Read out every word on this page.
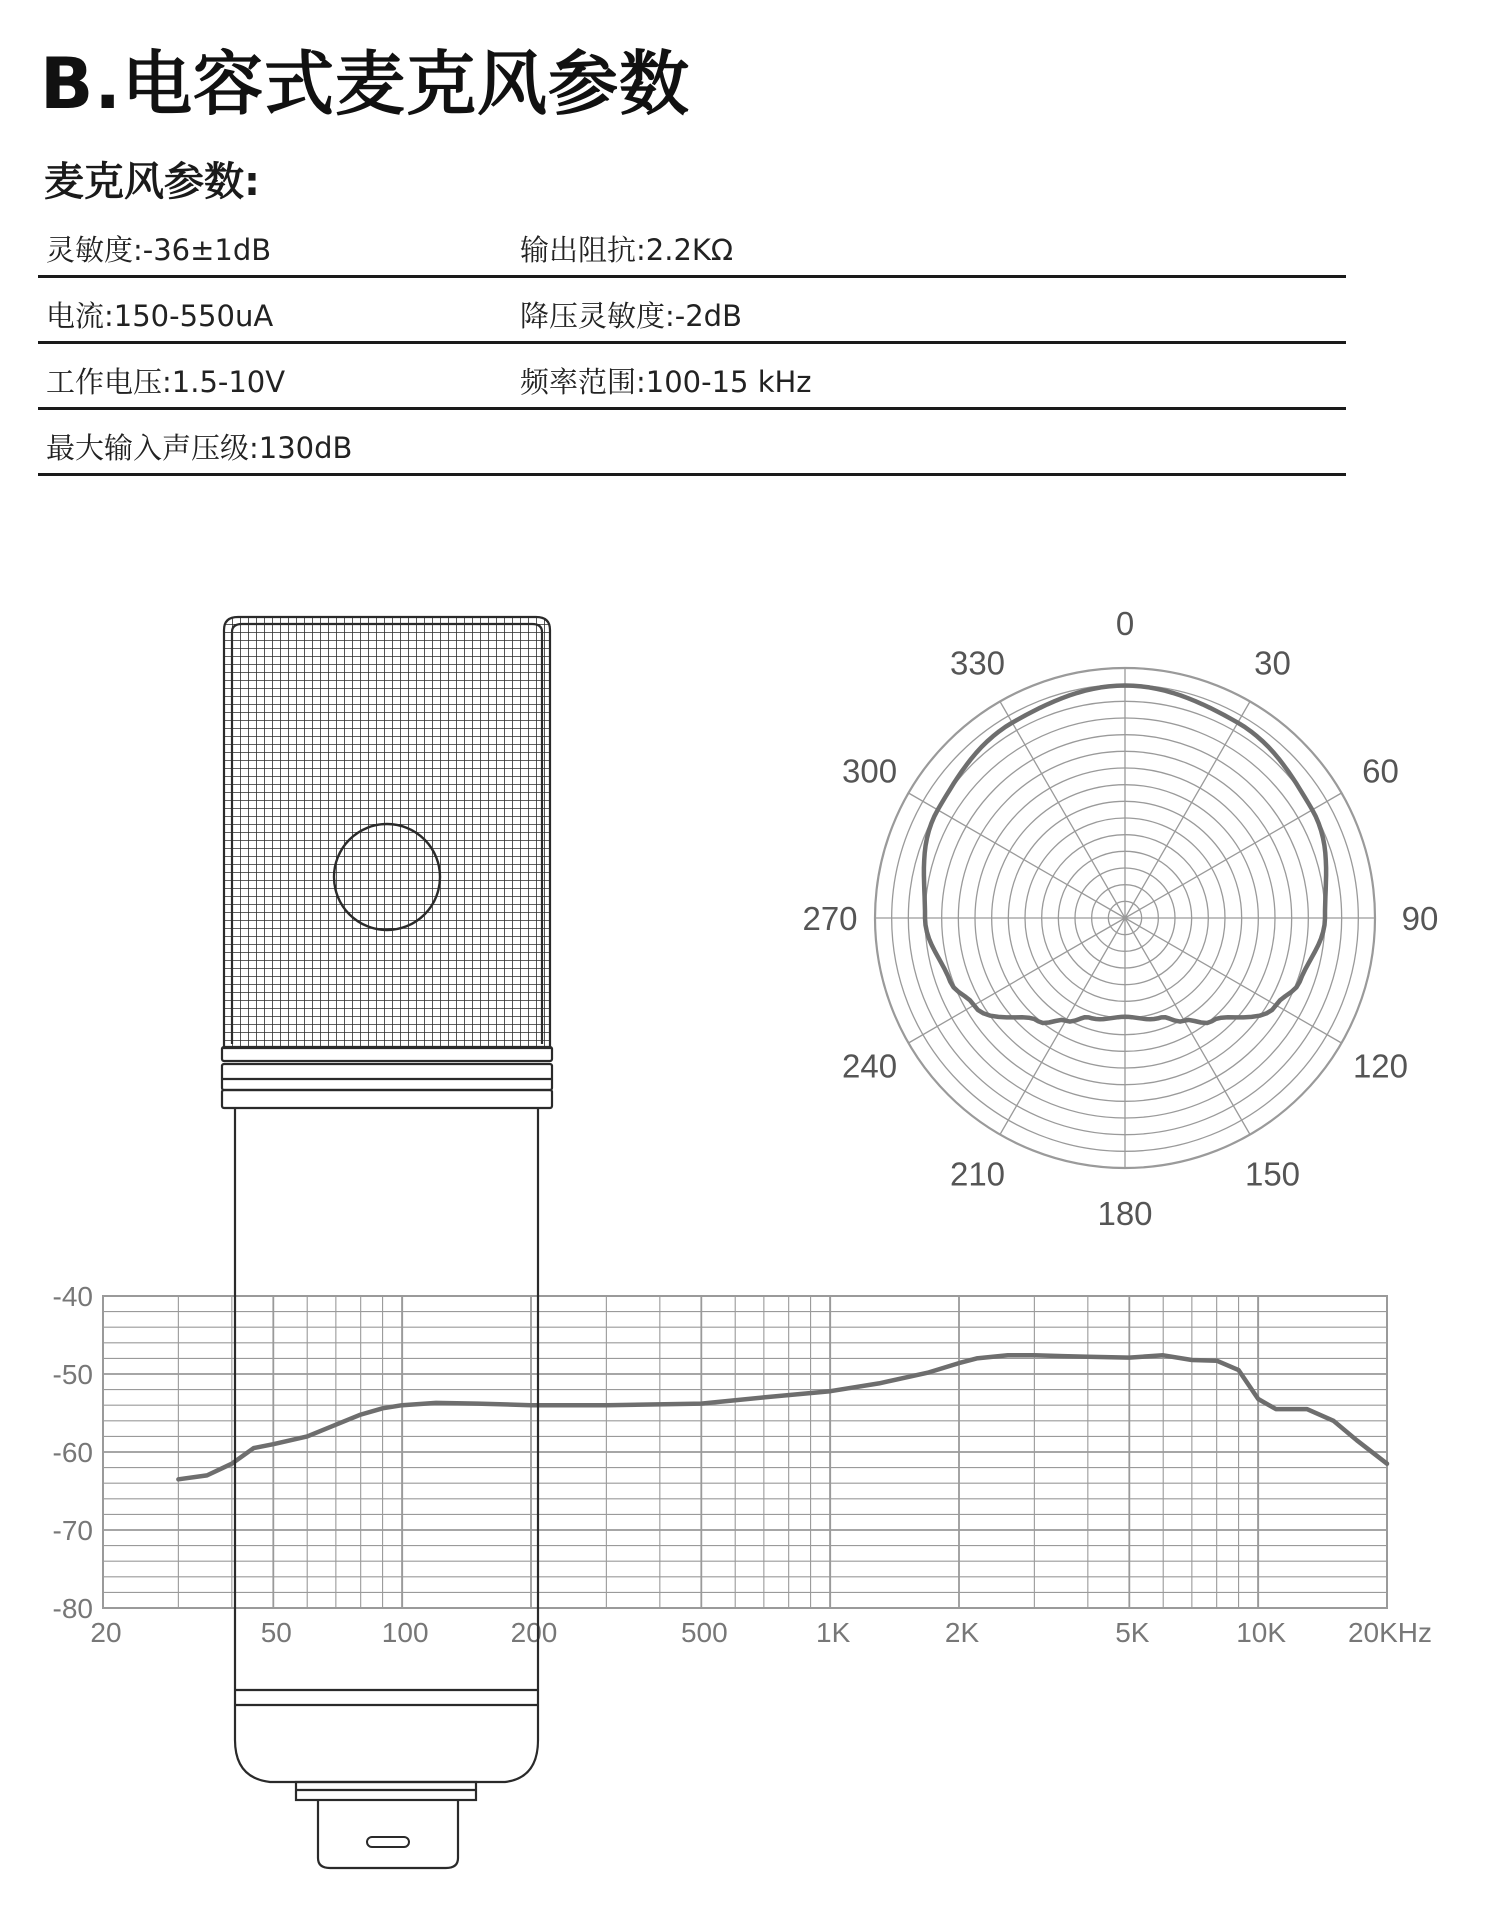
B.电容式麦克风参数
麦克风参数:
灵敏度:-36±1dB	输出阻抗:2.2KΩ
电流:150-550uA	降压灵敏度:-2dB
工作电压:1.5-10V	频率范围:100-15 kHz
最大输入声压级:130dB
-40
-50
-60
-70
-80
20	50	100	200	500	1K	2K	5K	10K 20KHz
0
30
60
90
120
150
180
210
240
270
300
330
